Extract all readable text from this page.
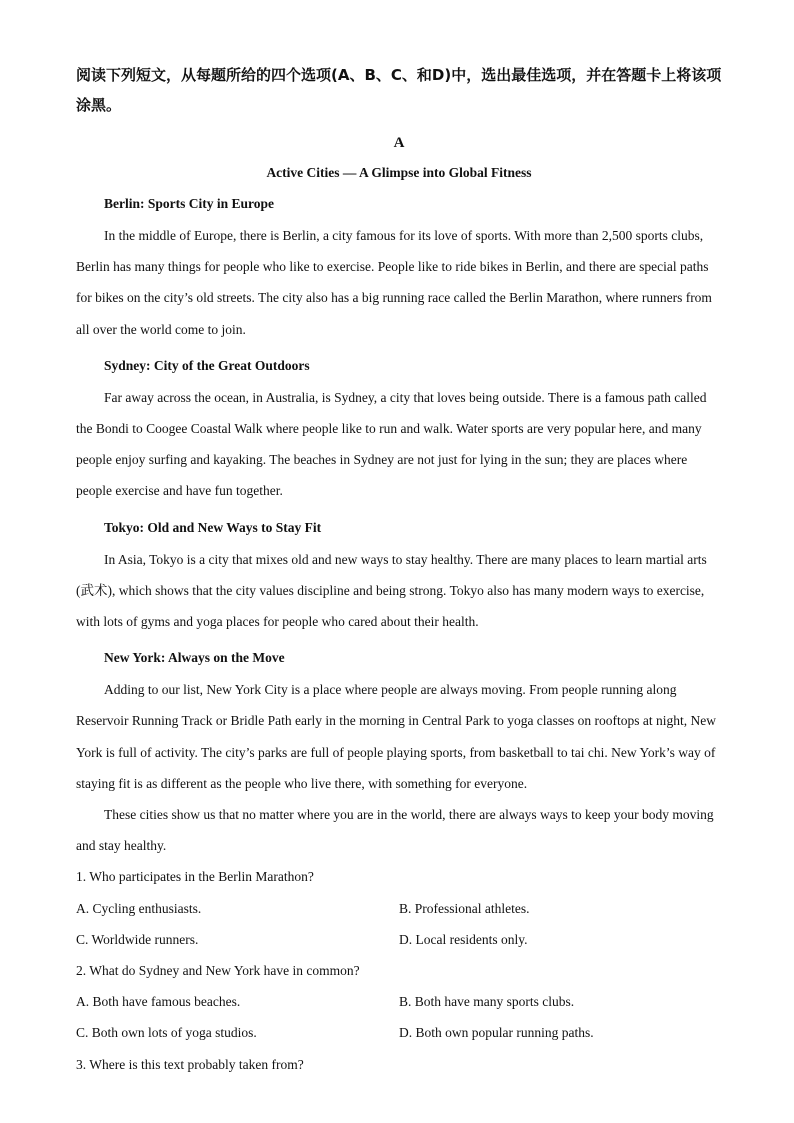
阅读下列短文，从每题所给的四个选项(A、B、C、和D)中，选出最佳选项，并在答题卡上将该项涂黑。

A

Active Cities — A Glimpse into Global Fitness

Berlin: Sports City in Europe

In the middle of Europe, there is Berlin, a city famous for its love of sports. With more than 2,500 sports clubs, Berlin has many things for people who like to exercise. People like to ride bikes in Berlin, and there are special paths for bikes on the city’s old streets. The city also has a big running race called the Berlin Marathon, where runners from all over the world come to join.

Sydney: City of the Great Outdoors

Far away across the ocean, in Australia, is Sydney, a city that loves being outside. There is a famous path called the Bondi to Coogee Coastal Walk where people like to run and walk. Water sports are very popular here, and many people enjoy surfing and kayaking. The beaches in Sydney are not just for lying in the sun; they are places where people exercise and have fun together.

Tokyo: Old and New Ways to Stay Fit

In Asia, Tokyo is a city that mixes old and new ways to stay healthy. There are many places to learn martial arts (武术), which shows that the city values discipline and being strong. Tokyo also has many modern ways to exercise, with lots of gyms and yoga places for people who cared about their health.

New York: Always on the Move

Adding to our list, New York City is a place where people are always moving. From people running along Reservoir Running Track or Bridle Path early in the morning in Central Park to yoga classes on rooftops at night, New York is full of activity. The city’s parks are full of people playing sports, from basketball to tai chi. New York’s way of staying fit is as different as the people who live there, with something for everyone.

These cities show us that no matter where you are in the world, there are always ways to keep your body moving and stay healthy.

1. Who participates in the Berlin Marathon?

A. Cycling enthusiasts.	B. Professional athletes.
C. Worldwide runners.	D. Local residents only.

2. What do Sydney and New York have in common?

A. Both have famous beaches.	B. Both have many sports clubs.
C. Both own lots of yoga studios.	D. Both own popular running paths.

3. Where is this text probably taken from?
